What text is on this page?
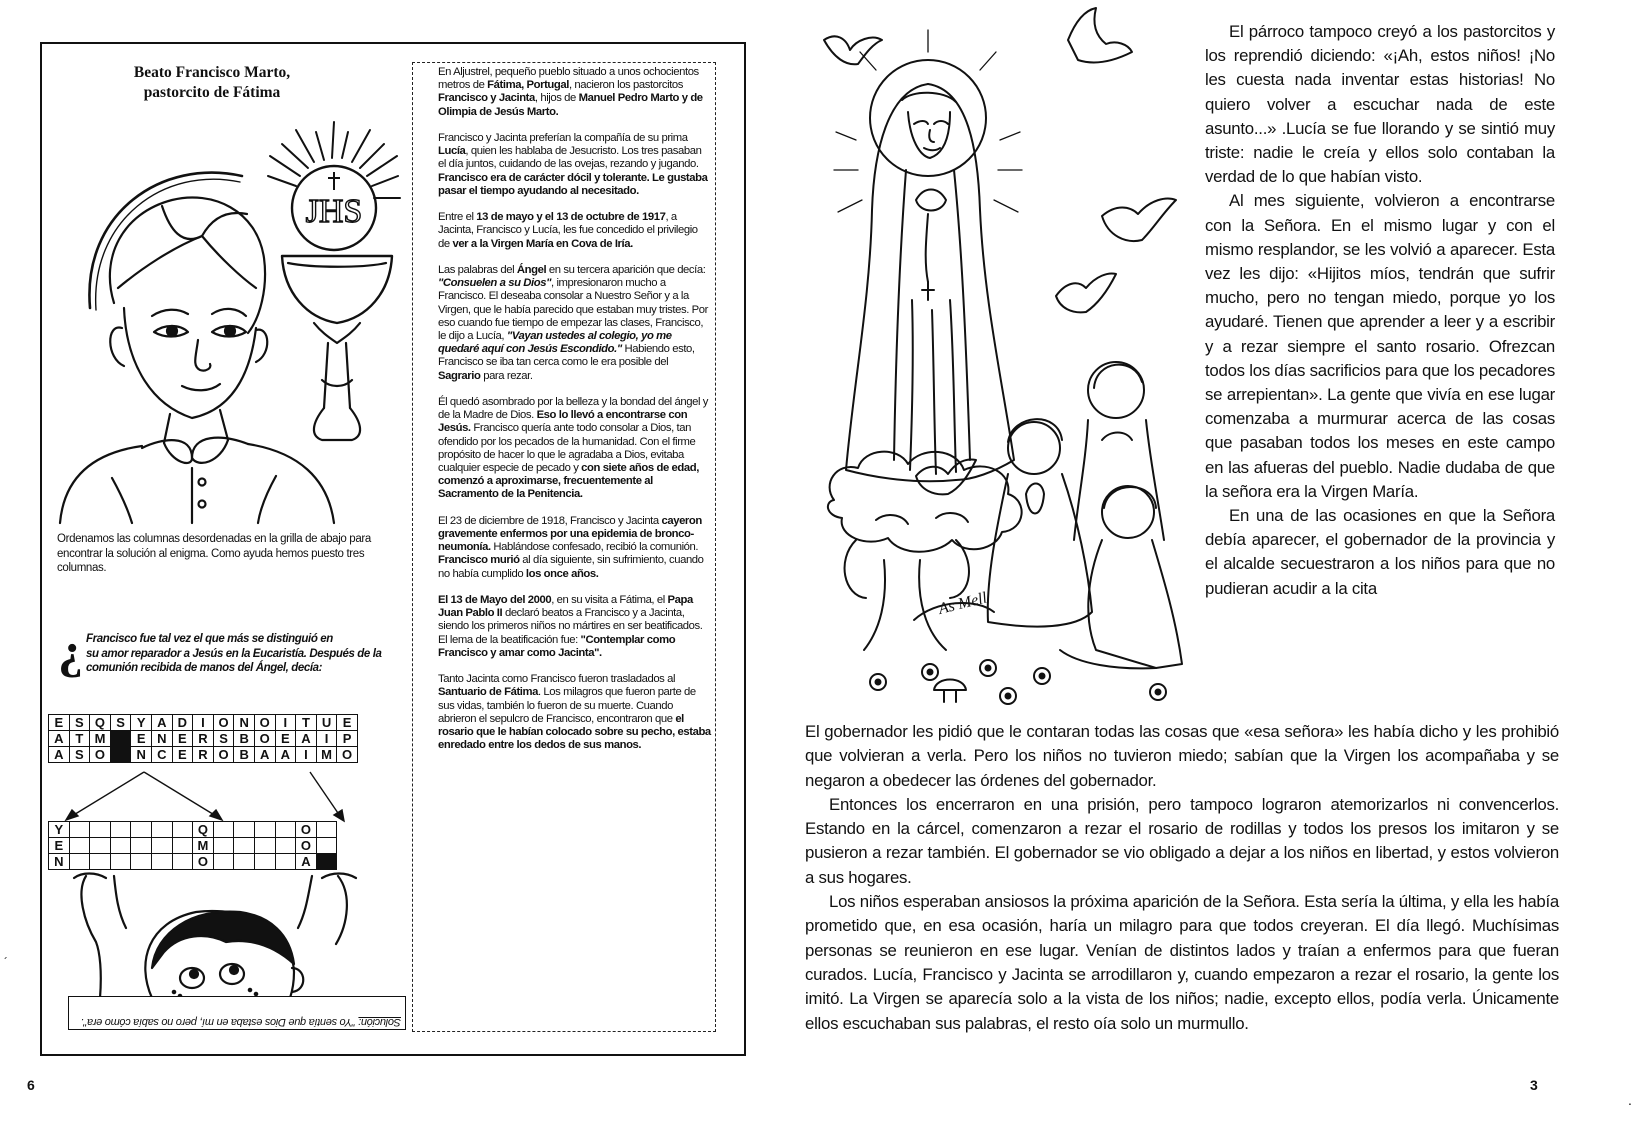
´
Beato Francisco Marto,
pastorcito de Fátima
JHS
Ordenamos las columnas desordenadas en la grilla de abajo para encontrar la solución al enigma. Como ayuda hemos puesto tres columnas.
¿ Francisco fue tal vez el que más se distinguió en
su amor reparador a Jesús en la Eucaristía. Después de la comunión recibida de manos del Ángel, decía:
E	S	Q	S	Y	A	D	I	O	N	O	I	T	U	E
A	T	M		E	N	E	R	S	B	O	E	A	I	P
A	S	O		N	C	E	R	O	B	A	A	I	M	O
Y							Q					O	
E							M					O	
N							O					A	
Solución: "Yo sentía que Dios estaba en mí, pero no sabía cómo era".

En Aljustrel, pequeño pueblo situado a unos ochocientos metros de Fátima, Portugal, nacieron los pastorcitos Francisco y Jacinta, hijos de Manuel Pedro Marto y de Olimpia de Jesús Marto.

Francisco y Jacinta preferían la compañía de su prima Lucía, quien les hablaba de Jesucristo. Los tres pasaban el día juntos, cuidando de las ovejas, rezando y jugando. Francisco era de carácter dócil y tolerante. Le gustaba pasar el tiempo ayudando al necesitado.

Entre el 13 de mayo y el 13 de octubre de 1917, a Jacinta, Francisco y Lucía, les fue concedido el privilegio de ver a la Virgen María en Cova de Iría.

Las palabras del Ángel en su tercera aparición que decía: "Consuelen a su Dios", impresionaron mucho a Francisco. El deseaba consolar a Nuestro Señor y a la Virgen, que le había parecido que estaban muy tristes. Por eso cuando fue tiempo de empezar las clases, Francisco, le dijo a Lucía, "Vayan ustedes al colegio, yo me quedaré aquí con Jesús Escondido." Habiendo esto, Francisco se iba tan cerca como le era posible del Sagrario para rezar.

Él quedó asombrado por la belleza y la bondad del ángel y de la Madre de Dios. Eso lo llevó a encontrarse con Jesús. Francisco quería ante todo consolar a Dios, tan ofendido por los pecados de la humanidad. Con el firme propósito de hacer lo que le agradaba a Dios, evitaba cualquier especie de pecado y con siete años de edad, comenzó a aproximarse, frecuentemente al Sacramento de la Penitencia.

El 23 de diciembre de 1918, Francisco y Jacinta cayeron gravemente enfermos por una epidemia de bronco-neumonía. Hablándose confesado, recibió la comunión. Francisco murió al día siguiente, sin sufrimiento, cuando no había cumplido los once años.

El 13 de Mayo del 2000, en su visita a Fátima, el Papa Juan Pablo II declaró beatos a Francisco y a Jacinta, siendo los primeros niños no mártires en ser beatificados. El lema de la beatificación fue: "Contemplar como Francisco y amar como Jacinta".

Tanto Jacinta como Francisco fueron trasladados al Santuario de Fátima. Los milagros que fueron parte de sus vidas, también lo fueron de su muerte. Cuando abrieron el sepulcro de Francisco, encontraron que el rosario que le habían colocado sobre su pecho, estaba enredado entre los dedos de sus manos.

6
As Mell

El párroco tampoco creyó a los pastorcitos y los reprendió diciendo: «¡Ah, estos niños! ¡No les cuesta nada inventar estas historias! No quiero volver a escuchar nada de este asunto...» .Lucía se fue llorando y se sintió muy triste: nadie le creía y ellos solo contaban la verdad de lo que habían visto.

Al mes siguiente, volvieron a encontrarse con la Señora. En el mismo lugar y con el mismo resplandor, se les volvió a aparecer. Esta vez les dijo: «Hijitos míos, tendrán que sufrir mucho, pero no tengan miedo, porque yo los ayudaré. Tienen que aprender a leer y a escribir y a rezar siempre el santo rosario. Ofrezcan todos los días sacrificios para que los pecadores se arrepientan». La gente que vivía en ese lugar comenzaba a murmurar acerca de las cosas que pasaban todos los meses en este campo en las afueras del pueblo. Nadie dudaba de que la señora era la Virgen María.

En una de las ocasiones en que la Señora debía aparecer, el gobernador de la provincia y el alcalde secuestraron a los niños para que no pudieran acudir a la cita

El gobernador les pidió que le contaran todas las cosas que «esa señora» les había dicho y les prohibió que volvieran a verla. Pero los niños no tuvieron miedo; sabían que la Virgen los acompañaba y se negaron a obedecer las órdenes del gobernador.

Entonces los encerraron en una prisión, pero tampoco lograron atemorizarlos ni convencerlos. Estando en la cárcel, comenzaron a rezar el rosario de rodillas y todos los presos los imitaron y se pusieron a rezar también. El gobernador se vio obligado a dejar a los niños en libertad, y estos volvieron a sus hogares.

Los niños esperaban ansiosos la próxima aparición de la Señora. Esta sería la última, y ella les había prometido que, en esa ocasión, haría un milagro para que todos creyeran. El día llegó. Muchísimas personas se reunieron en ese lugar. Venían de distintos lados y traían a enfermos para que fueran curados. Lucía, Francisco y Jacinta se arrodillaron y, cuando empezaron a rezar el rosario, la gente los imitó. La Virgen se aparecía solo a la vista de los niños; nadie, excepto ellos, podía verla. Únicamente ellos escuchaban sus palabras, el resto oía solo un murmullo.

.
3
